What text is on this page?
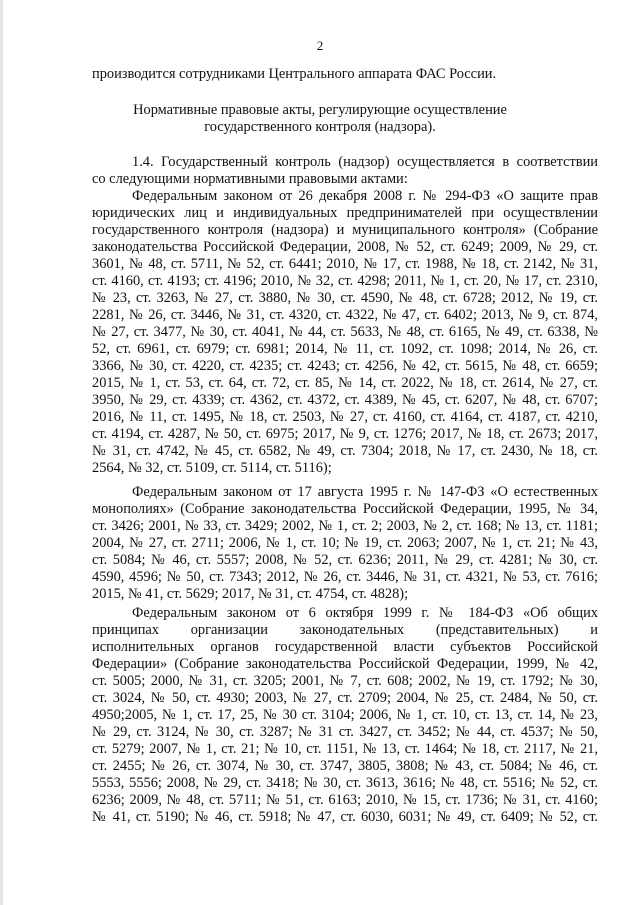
2
производится сотрудниками Центрального аппарата ФАС России.
Нормативные правовые акты, регулирующие осуществление
государственного контроля (надзора).
1.4. Государственный контроль (надзор) осуществляется в соответствии
со следующими нормативными правовыми актами:
Федеральным законом от 26 декабря 2008 г. № 294-ФЗ «О защите прав
юридических лиц и индивидуальных предпринимателей при осуществлении
государственного контроля (надзора) и муниципального контроля» (Собрание
законодательства Российской Федерации, 2008, № 52, ст. 6249; 2009, № 29, ст.
3601, № 48, ст. 5711, № 52, ст. 6441; 2010, № 17, ст. 1988, № 18, ст. 2142, № 31,
ст. 4160, ст. 4193; ст. 4196; 2010, № 32, ст. 4298; 2011, № 1, ст. 20, № 17, ст. 2310,
№ 23, ст. 3263, № 27, ст. 3880, № 30, ст. 4590, № 48, ст. 6728; 2012, № 19, ст.
2281, № 26, ст. 3446, № 31, ст. 4320, ст. 4322, № 47, ст. 6402; 2013, № 9, ст. 874,
№ 27, ст. 3477, № 30, ст. 4041, № 44, ст. 5633, № 48, ст. 6165, № 49, ст. 6338, №
52, ст. 6961, ст. 6979; ст. 6981; 2014, № 11, ст. 1092, ст. 1098; 2014, № 26, ст.
3366, № 30, ст. 4220, ст. 4235; ст. 4243; ст. 4256, № 42, ст. 5615, № 48, ст. 6659;
2015, № 1, ст. 53, ст. 64, ст. 72, ст. 85, № 14, ст. 2022, № 18, ст. 2614, № 27, ст.
3950, № 29, ст. 4339; ст. 4362, ст. 4372, ст. 4389, № 45, ст. 6207, № 48, ст. 6707;
2016, № 11, ст. 1495, № 18, ст. 2503, № 27, ст. 4160, ст. 4164, ст. 4187, ст. 4210,
ст. 4194, ст. 4287, № 50, ст. 6975; 2017, № 9, ст. 1276; 2017, № 18, ст. 2673; 2017,
№ 31, ст. 4742, № 45, ст. 6582, № 49, ст. 7304; 2018, № 17, ст. 2430, № 18, ст.
2564, № 32, ст. 5109, ст. 5114, ст. 5116);
Федеральным законом от 17 августа 1995 г. № 147-ФЗ «О естественных
монополиях» (Собрание законодательства Российской Федерации, 1995, № 34,
ст. 3426; 2001, № 33, ст. 3429; 2002, № 1, ст. 2; 2003, № 2, ст. 168; № 13, ст. 1181;
2004, № 27, ст. 2711; 2006, № 1, ст. 10; № 19, ст. 2063; 2007, № 1, ст. 21; № 43,
ст. 5084; № 46, ст. 5557; 2008, № 52, ст. 6236; 2011, № 29, ст. 4281; № 30, ст.
4590, 4596; № 50, ст. 7343; 2012, № 26, ст. 3446, № 31, ст. 4321, № 53, ст. 7616;
2015, № 41, ст. 5629; 2017, № 31, ст. 4754, ст. 4828);
Федеральным законом от 6 октября 1999 г. № 184-ФЗ «Об общих
принципах организации законодательных (представительных) и
исполнительных органов государственной власти субъектов Российской
Федерации» (Собрание законодательства Российской Федерации, 1999, № 42,
ст. 5005; 2000, № 31, ст. 3205; 2001, № 7, ст. 608; 2002, № 19, ст. 1792; № 30,
ст. 3024, № 50, ст. 4930; 2003, № 27, ст. 2709; 2004, № 25, ст. 2484, № 50, ст.
4950;2005, № 1, ст. 17, 25, № 30 ст. 3104; 2006, № 1, ст. 10, ст. 13, ст. 14, № 23,
№ 29, ст. 3124, № 30, ст. 3287; № 31 ст. 3427, ст. 3452; № 44, ст. 4537; № 50,
ст. 5279; 2007, № 1, ст. 21; № 10, ст. 1151, № 13, ст. 1464; № 18, ст. 2117, № 21,
ст. 2455; № 26, ст. 3074, № 30, ст. 3747, 3805, 3808; № 43, ст. 5084; № 46, ст.
5553, 5556; 2008, № 29, ст. 3418; № 30, ст. 3613, 3616; № 48, ст. 5516; № 52, ст.
6236; 2009, № 48, ст. 5711; № 51, ст. 6163; 2010, № 15, ст. 1736; № 31, ст. 4160;
№ 41, ст. 5190; № 46, ст. 5918; № 47, ст. 6030, 6031; № 49, ст. 6409; № 52, ст.
